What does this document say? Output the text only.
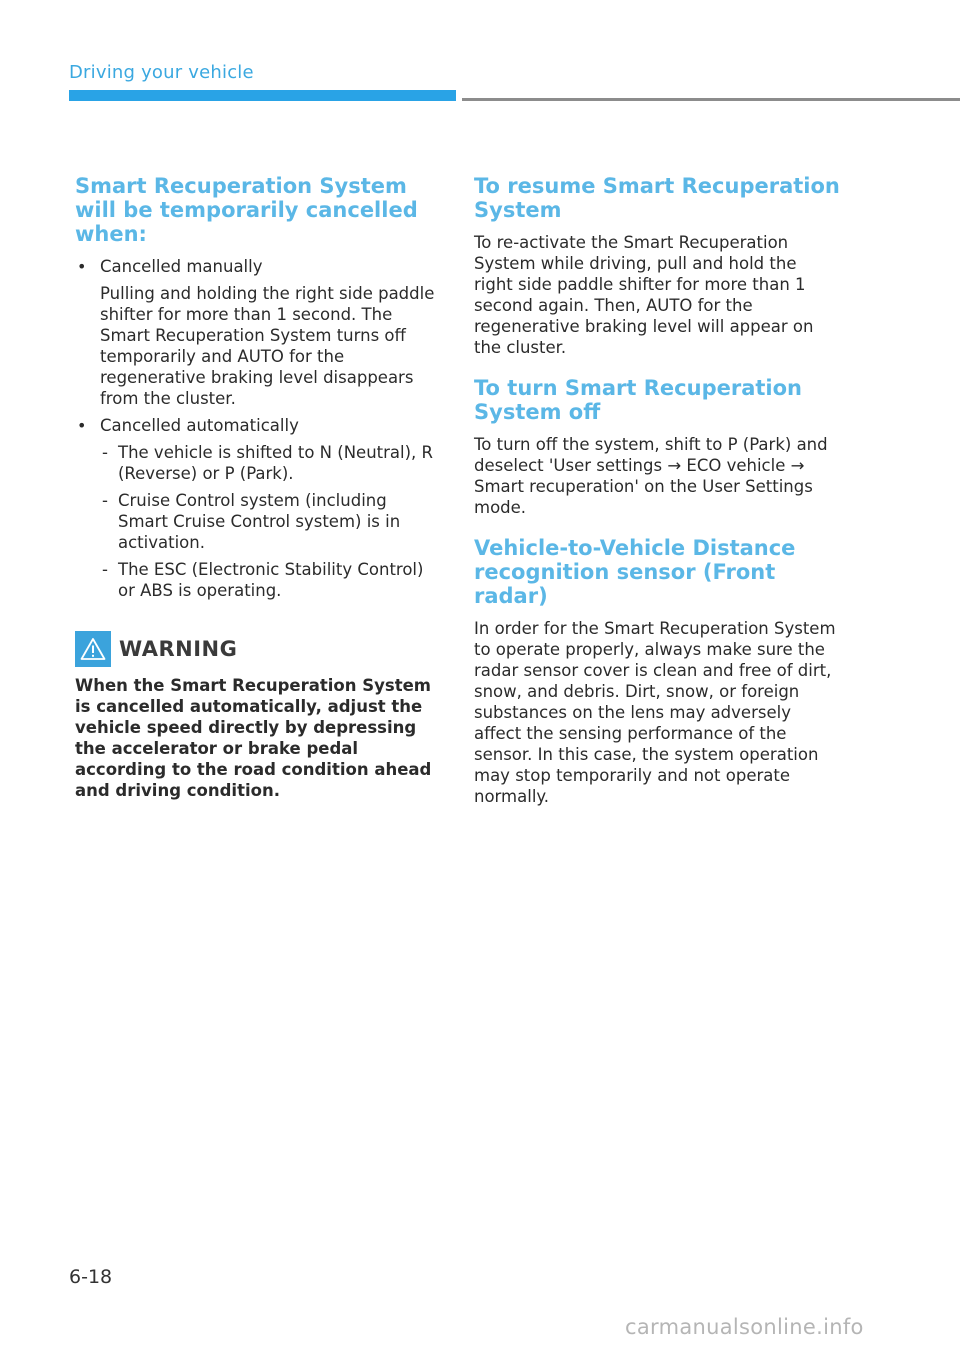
Driving your vehicle
Smart Recuperation System will be temporarily cancelled when:
• Cancelled manually
Pulling and holding the right side paddle shifter for more than 1 second. The Smart Recuperation System turns off temporarily and AUTO for the regenerative braking level disappears from the cluster.
• Cancelled automatically
- The vehicle is shifted to N (Neutral), R (Reverse) or P (Park).
- Cruise Control system (including Smart Cruise Control system) is in activation.
- The ESC (Electronic Stability Control) or ABS is operating.
WARNING

When the Smart Recuperation System is cancelled automatically, adjust the vehicle speed directly by depressing the accelerator or brake pedal according to the road condition ahead and driving condition.

To resume Smart Recuperation System

To re-activate the Smart Recuperation System while driving, pull and hold the right side paddle shifter for more than 1 second again. Then, AUTO for the regenerative braking level will appear on the cluster.

To turn Smart Recuperation System off

To turn off the system, shift to P (Park) and deselect 'User settings → ECO vehicle → Smart recuperation' on the User Settings mode.

Vehicle-to-Vehicle Distance recognition sensor (Front radar)

In order for the Smart Recuperation System to operate properly, always make sure the radar sensor cover is clean and free of dirt, snow, and debris. Dirt, snow, or foreign substances on the lens may adversely affect the sensing performance of the sensor. In this case, the system operation may stop temporarily and not operate normally.

6-18
carmanualsonline.info
